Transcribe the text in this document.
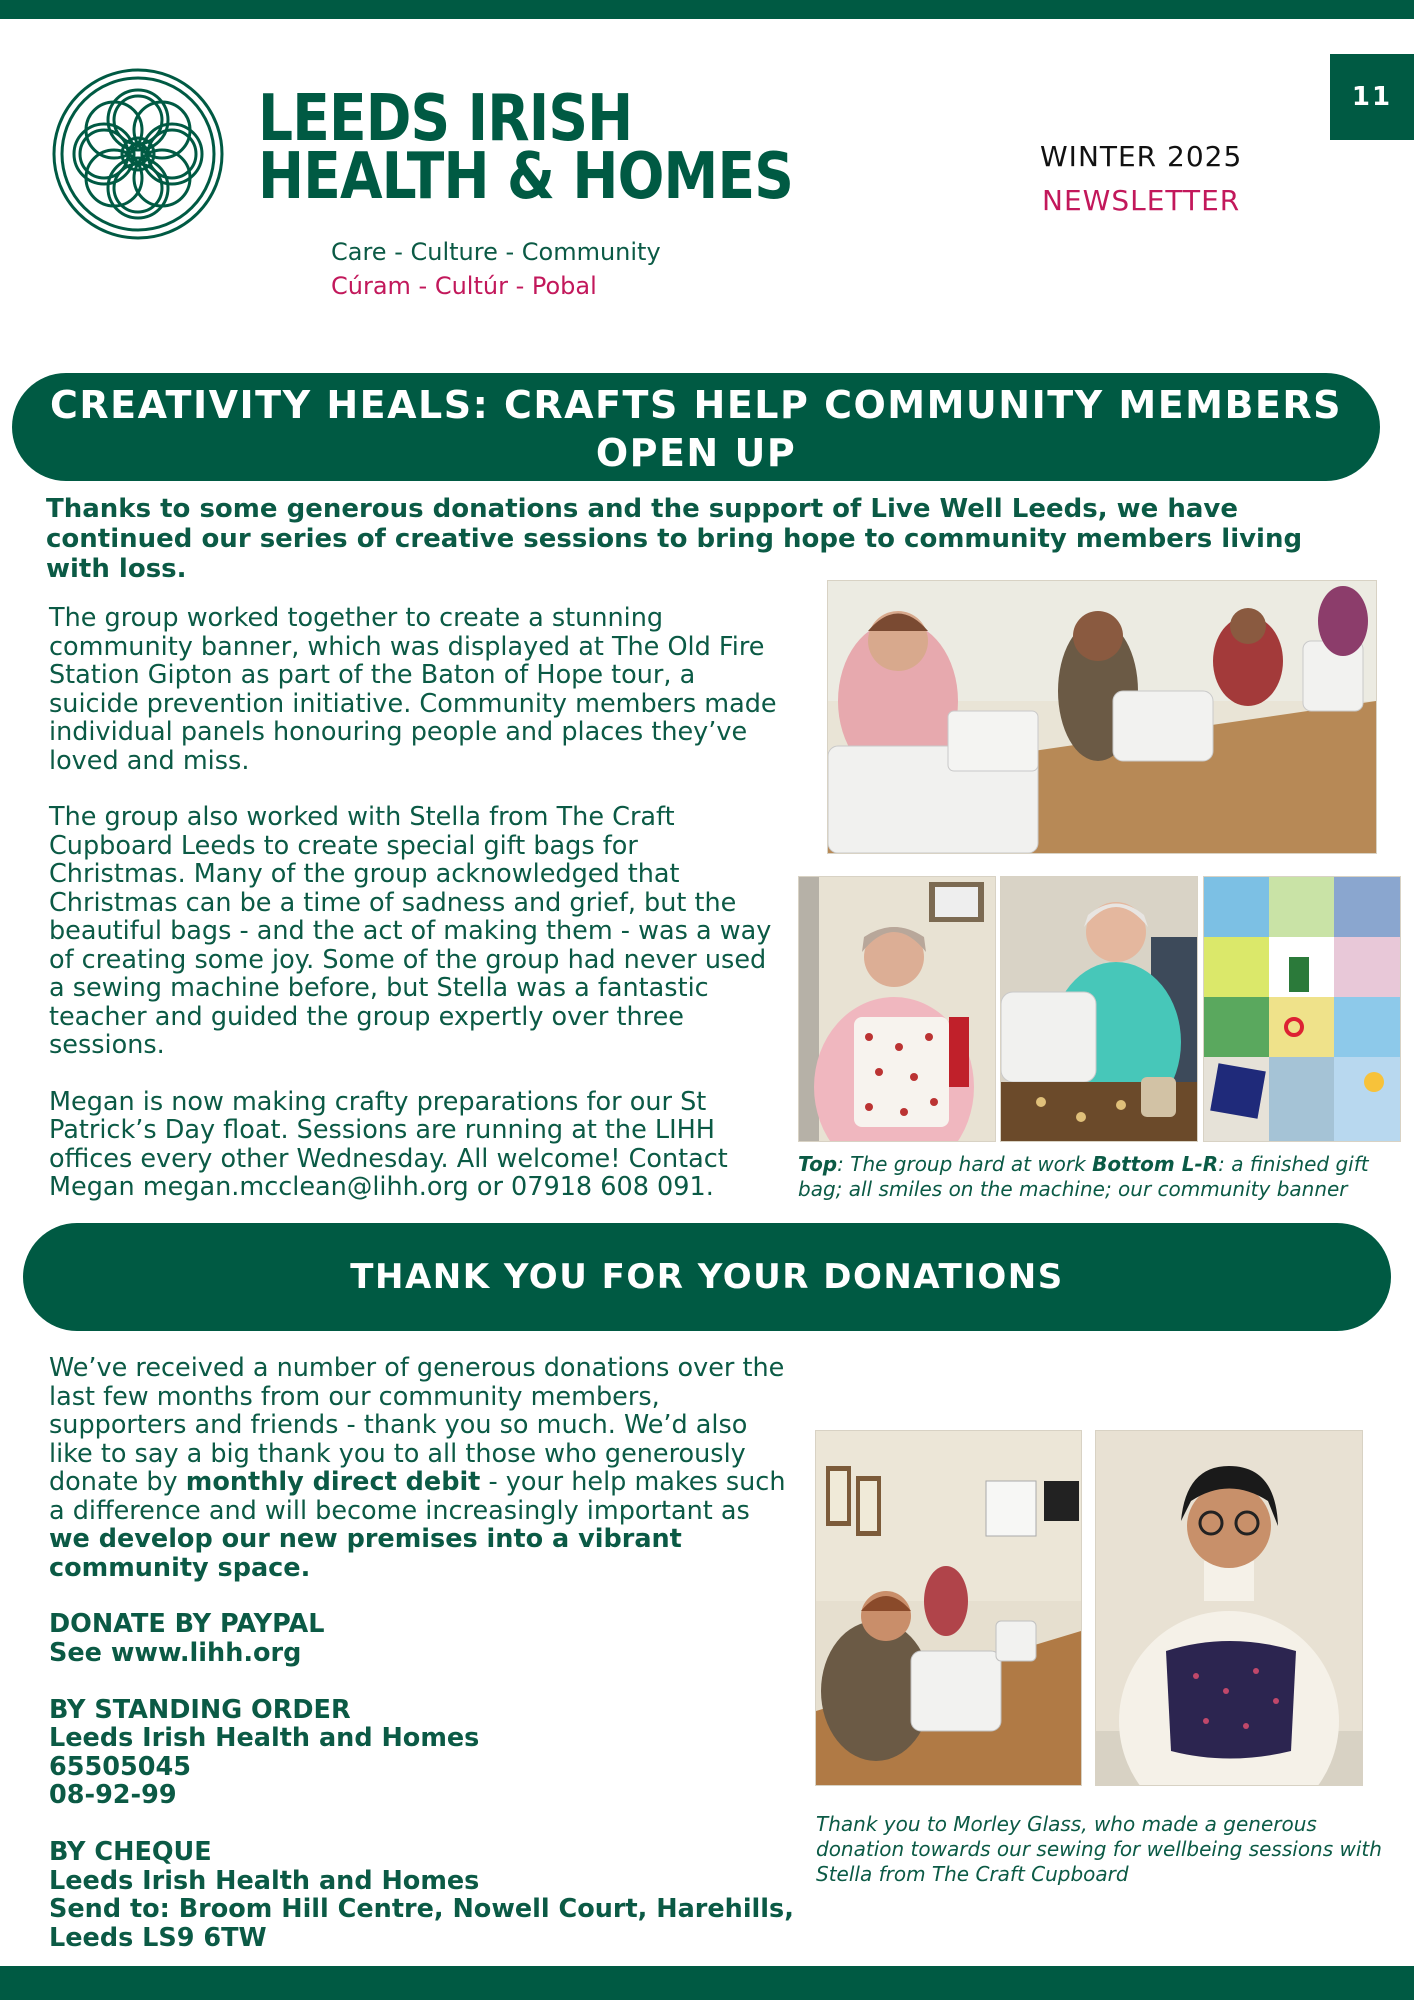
11
LEEDS IRISH
HEALTH & HOMES
Care - Culture - Community
Cúram - Cultúr - Pobal
WINTER 2025
NEWSLETTER
CREATIVITY HEALS: CRAFTS HELP COMMUNITY MEMBERS OPEN UP
Thanks to some generous donations and the support of Live Well Leeds, we have continued our series of creative sessions to bring hope to community members living with loss.

The group worked together to create a stunning community banner, which was displayed at The Old Fire Station Gipton as part of the Baton of Hope tour, a suicide prevention initiative. Community members made individual panels honouring people and places they’ve loved and miss.

The group also worked with Stella from The Craft Cupboard Leeds to create special gift bags for Christmas. Many of the group acknowledged that Christmas can be a time of sadness and grief, but the beautiful bags - and the act of making them - was a way of creating some joy. Some of the group had never used a sewing machine before, but Stella was a fantastic teacher and guided the group expertly over three sessions.

Megan is now making crafty preparations for our St Patrick’s Day float. Sessions are running at the LIHH offices every other Wednesday. All welcome! Contact Megan megan.mcclean@lihh.org or 07918 608 091.

Top: The group hard at work Bottom L-R: a finished gift bag; all smiles on the machine; our community banner
THANK YOU FOR YOUR DONATIONS

We’ve received a number of generous donations over the last few months from our community members, supporters and friends - thank you so much. We’d also like to say a big thank you to all those who generously donate by monthly direct debit - your help makes such a difference and will become increasingly important as we develop our new premises into a vibrant community space.

DONATE BY PAYPAL
See www.lihh.org
BY STANDING ORDER
Leeds Irish Health and Homes
65505045
08-92-99
BY CHEQUE
Leeds Irish Health and Homes
Send to: Broom Hill Centre, Nowell Court, Harehills,
Leeds LS9 6TW
Thank you to Morley Glass, who made a generous donation towards our sewing for wellbeing sessions with Stella from The Craft Cupboard
